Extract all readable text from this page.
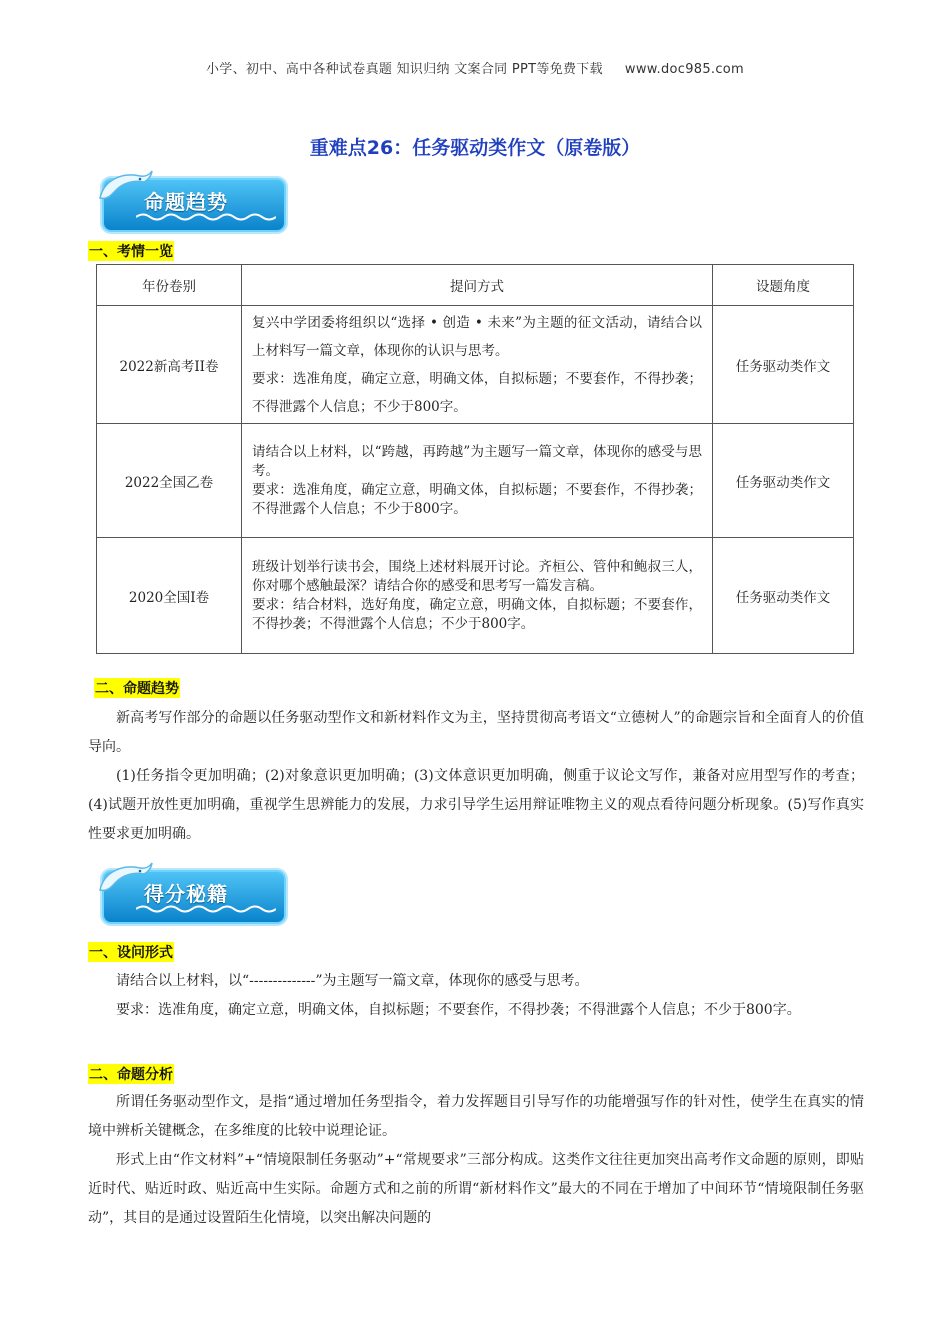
小学、初中、高中各种试卷真题 知识归纳 文案合同 PPT等免费下载 www.doc985.com
重难点26：任务驱动类作文（原卷版）
命题趋势
一、考情一览
年份卷别	提问方式	设题角度
2022新高考II卷	复兴中学团委将组织以“选择 • 创造 • 未来”为主题的征文活动，请结合以上材料写一篇文章，体现你的认识与思考。
要求：选准角度，确定立意，明确文体，自拟标题；不要套作，不得抄袭；不得泄露个人信息；不少于800字。	任务驱动类作文
2022全国乙卷	请结合以上材料，以“跨越，再跨越”为主题写一篇文章，体现你的感受与思考。
要求：选准角度，确定立意，明确文体，自拟标题；不要套作，不得抄袭；不得泄露个人信息；不少于800字。	任务驱动类作文
2020全国I卷	班级计划举行读书会，围绕上述材料展开讨论。齐桓公、管仲和鲍叔三人，你对哪个感触最深？请结合你的感受和思考写一篇发言稿。
要求：结合材料，选好角度，确定立意，明确文体，自拟标题；不要套作，不得抄袭；不得泄露个人信息；不少于800字。	任务驱动类作文
二、命题趋势

新高考写作部分的命题以任务驱动型作文和新材料作文为主，坚持贯彻高考语文“立德树人”的命题宗旨和全面育人的价值导向。

(1)任务指令更加明确；(2)对象意识更加明确；(3)文体意识更加明确，侧重于议论文写作，兼备对应用型写作的考查；(4)试题开放性更加明确，重视学生思辨能力的发展，力求引导学生运用辩证唯物主义的观点看待问题分析现象。(5)写作真实性要求更加明确。

得分秘籍
一、设问形式

请结合以上材料，以“--------------”为主题写一篇文章，体现你的感受与思考。

要求：选准角度，确定立意，明确文体，自拟标题；不要套作，不得抄袭；不得泄露个人信息；不少于800字。

二、命题分析

所谓任务驱动型作文，是指“通过增加任务型指令，着力发挥题目引导写作的功能增强写作的针对性，使学生在真实的情境中辨析关键概念，在多维度的比较中说理论证。

形式上由“作文材料”+“情境限制任务驱动”+“常规要求”三部分构成。这类作文往往更加突出高考作文命题的原则，即贴近时代、贴近时政、贴近高中生实际。命题方式和之前的所谓“新材料作文”最大的不同在于增加了中间环节“情境限制任务驱动”，其目的是通过设置陌生化情境，以突出解决问题的
